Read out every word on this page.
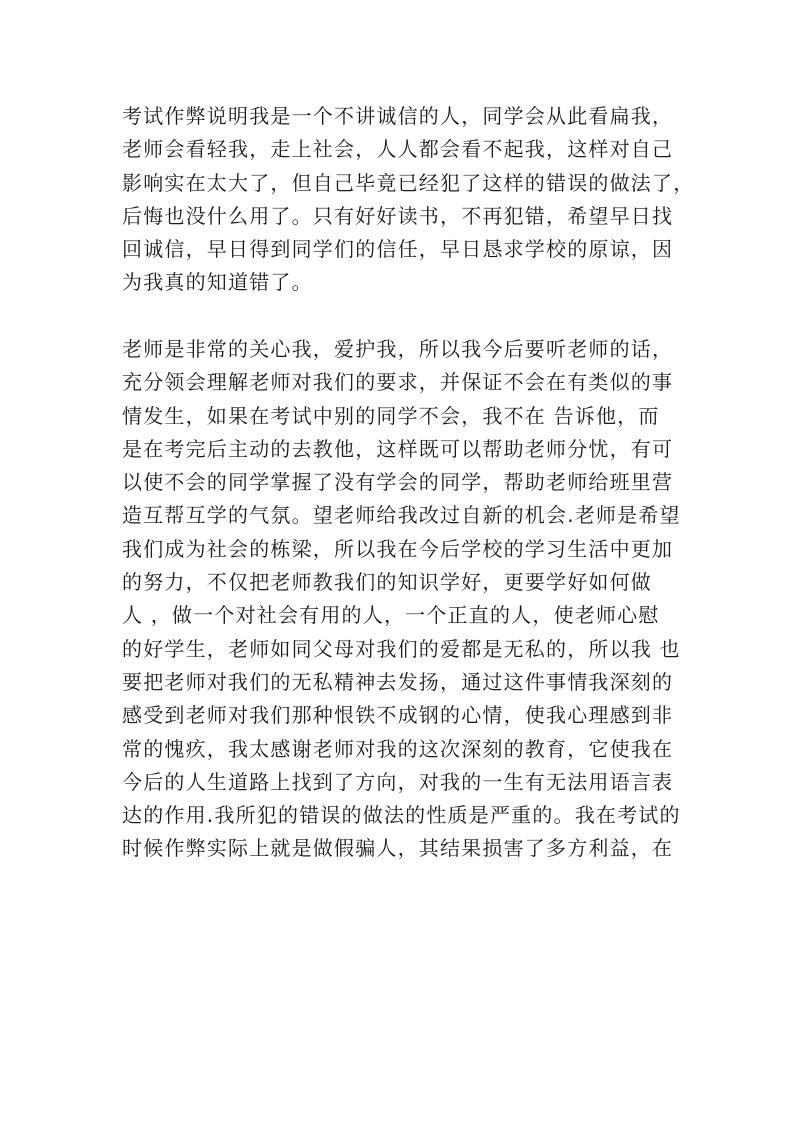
考试作弊说明我是一个不讲诚信的人，同学会从此看扁我，
老师会看轻我，走上社会，人人都会看不起我，这样对自己
影响实在太大了，但自己毕竟已经犯了这样的错误的做法了，
后悔也没什么用了。只有好好读书，不再犯错，希望早日找
回诚信，早日得到同学们的信任，早日恳求学校的原谅，因
为我真的知道错了。
老师是非常的关心我，爱护我，所以我今后要听老师的话，
充分领会理解老师对我们的要求，并保证不会在有类似的事
情发生，如果在考试中别的同学不会，我不在 告诉他，而
是在考完后主动的去教他，这样既可以帮助老师分忧，有可
以使不会的同学掌握了没有学会的同学，帮助老师给班里营
造互帮互学的气氛。望老师给我改过自新的机会.老师是希望
我们成为社会的栋梁，所以我在今后学校的学习生活中更加
的努力，不仅把老师教我们的知识学好，更要学好如何做
人 ，做一个对社会有用的人，一个正直的人，使老师心慰
的好学生，老师如同父母对我们的爱都是无私的，所以我 也
要把老师对我们的无私精神去发扬，通过这件事情我深刻的
感受到老师对我们那种恨铁不成钢的心情，使我心理感到非
常的愧疚，我太感谢老师对我的这次深刻的教育，它使我在
今后的人生道路上找到了方向，对我的一生有无法用语言表
达的作用.我所犯的错误的做法的性质是严重的。我在考试的
时候作弊实际上就是做假骗人，其结果损害了多方利益，在
